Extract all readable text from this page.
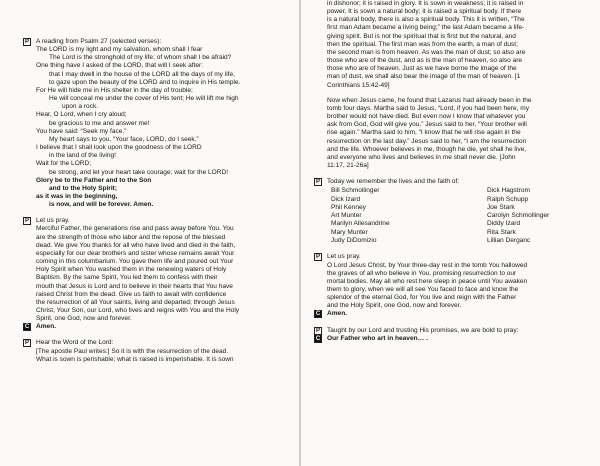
P	A reading from Psalm 27 (selected verses):
The LORD is my light and my salvation, whom shall I fear
The Lord is the stronghold of my life; of whom shall I be afraid?
One thing have I asked of the LORD, that will I seek after:
that I may dwell in the house of the LORD all the days of my life,
to gaze upon the beauty of the LORD and to inquire in His temple.
For He will hide me in His shelter in the day of trouble;
He will conceal me under the cover of His tent; He will lift me high
upon a rock.
Hear, O Lord, when I cry aloud;
be gracious to me and answer me!
You have said: “Seek my face.”
My heart says to you, “Your face, LORD, do I seek.”
I believe that I shall look upon the goodness of the LORD
in the land of the living!
Wait for the LORD;
be strong, and let your heart take courage; wait for the LORD!
Glory be to the Father and to the Son
and to the Holy Spirit;
as it was in the beginning,
is now, and will be forever. Amen.
P	Let us pray.
Merciful Father, the generations rise and pass away before You. You
are the strength of those who labor and the repose of the blessed
dead. We give You thanks for all who have lived and died in the faith,
especially for our dear brothers and sister whose remains await Your
coming in this columbarium. You gave them life and poured out Your
Holy Spirit when You washed them in the renewing waters of Holy
Baptism. By the same Spirit, You led them to confess with their
mouth that Jesus is Lord and to believe in their hearts that You have
raised Christ from the dead. Give us faith to await with confidence
the resurrection of all Your saints, living and departed; through Jesus
Christ, Your Son, our Lord, who lives and reigns with You and the Holy
Spirit, one God, now and forever.
C Amen.
P	Hear the Word of the Lord:
[The apostle Paul writes:] So it is with the resurrection of the dead.
What is sown is perishable; what is raised is imperishable. It is sown
in dishonor; it is raised in glory. It is sown in weakness; it is raised in
power. It is sown a natural body; it is raised a spiritual body. If there
is a natural body, there is also a spiritual body. This it is written, “The
first man Adam became a living being;” the last Adam became a life-
giving spirit. But is not the spiritual that is first but the natural, and
then the spiritual. The first man was from the earth, a man of dust;
the second man is from heaven. As was the man of dust; so also are
those who are of the dust, and as is the man of heaven, so also are
those who are of heaven. Just as we have borne the image of the
man of dust, we shall also bear the image of the man of heaven. [1
Corinthians 15:42-49]
Now when Jesus came, he found that Lazarus had already been in the
tomb four days. Martha said to Jesus, “Lord, if you had been here, my
brother would not have died. But even now I know that whatever you
ask from God, God will give you.” Jesus said to her, “Your brother will
rise again.” Martha said to him, “I know that he will rise again in the
resurrection on the last day.” Jesus said to her, “I am the resurrection
and the life. Whoever believes in me, though he die, yet shall he live,
and everyone who lives and believes in me shall never die. [John
11:17, 21-26a]
P	Today we remember the lives and the faith of:
Bill Schmollinger	Dick Hagstrom
Dick Izard	Ralph Schupp
Phil Kenney	Joe Stark
Art Munter	Carolyn Schmollinger
Marilyn Allesandrine	Diddy Izard
Mary Munter	Rita Stark
Judy DiDomizio	Lillian Derganc
P	Let us pray.
O Lord Jesus Christ, by Your three-day rest in the tomb You hallowed
the graves of all who believe in You, promising resurrection to our
mortal bodies. May all who rest here sleep in peace until You awaken
them to glory, when we will all see You faced to face and know the
splendor of the eternal God, for You live and reign with the Father
and the Holy Spirit, one God, now and forever.
C Amen.
P	Taught by our Lord and trusting His promises, we are bold to pray:
C Our Father who art in heaven… .
